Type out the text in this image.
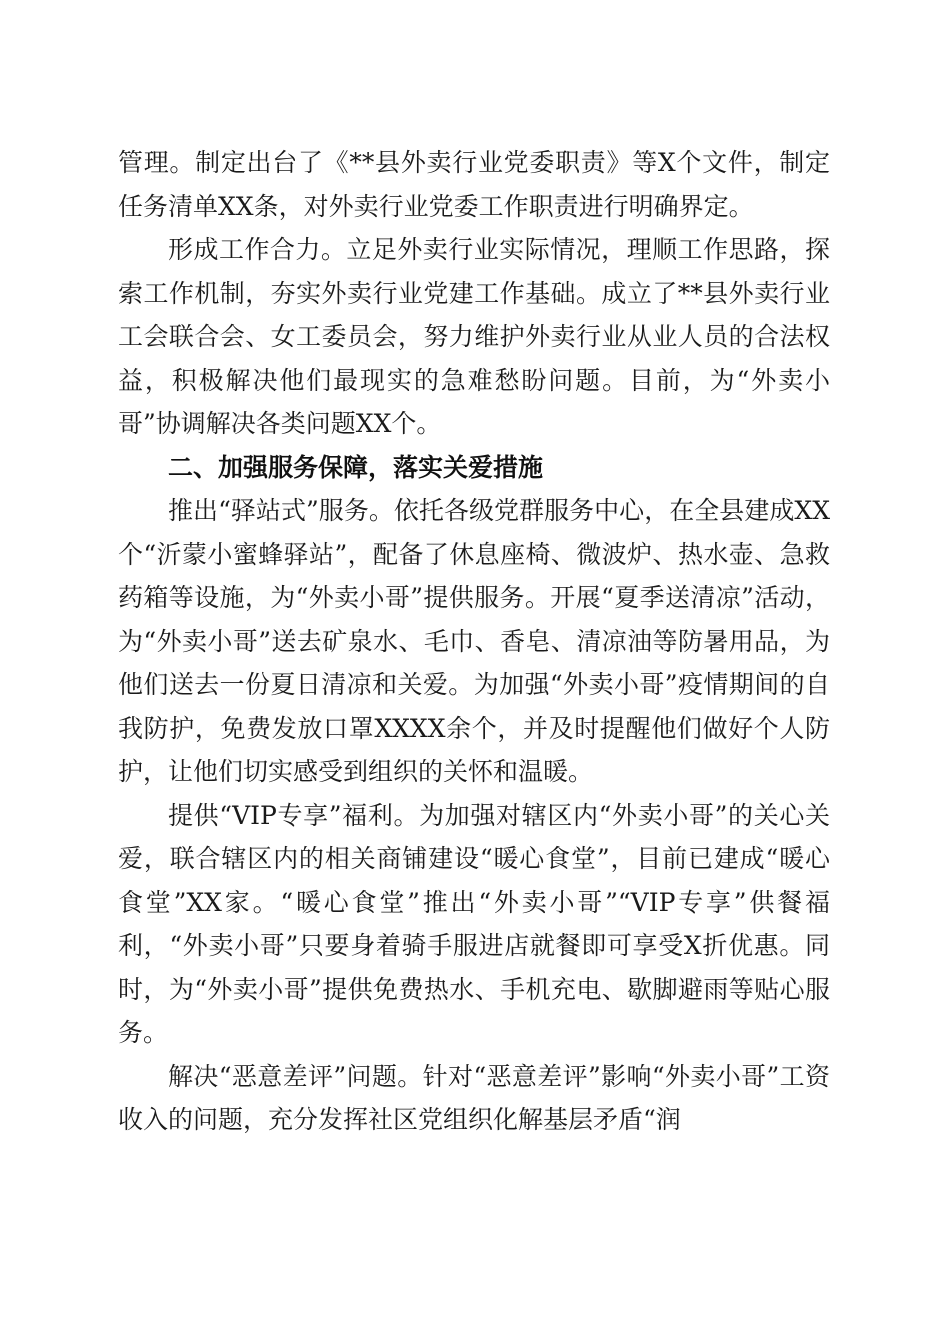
管理。制定出台了《**县外卖行业党委职责》等X个文件，制定任务清单XX条，对外卖行业党委工作职责进行明确界定。

形成工作合力。立足外卖行业实际情况，理顺工作思路，探索工作机制，夯实外卖行业党建工作基础。成立了**县外卖行业工会联合会、女工委员会，努力维护外卖行业从业人员的合法权益，积极解决他们最现实的急难愁盼问题。目前，为“外卖小哥”协调解决各类问题XX个。

二、加强服务保障，落实关爱措施

推出“驿站式”服务。依托各级党群服务中心，在全县建成XX个“沂蒙小蜜蜂驿站”，配备了休息座椅、微波炉、热水壶、急救药箱等设施，为“外卖小哥”提供服务。开展“夏季送清凉”活动，为“外卖小哥”送去矿泉水、毛巾、香皂、清凉油等防暑用品，为他们送去一份夏日清凉和关爱。为加强“外卖小哥”疫情期间的自我防护，免费发放口罩XXXX余个，并及时提醒他们做好个人防护，让他们切实感受到组织的关怀和温暖。

提供“VIP专享”福利。为加强对辖区内“外卖小哥”的关心关爱，联合辖区内的相关商铺建设“暖心食堂”，目前已建成“暖心食堂”XX家。“暖心食堂”推出“外卖小哥”“VIP专享”供餐福利，“外卖小哥”只要身着骑手服进店就餐即可享受X折优惠。同时，为“外卖小哥”提供免费热水、手机充电、歇脚避雨等贴心服务。

解决“恶意差评”问题。针对“恶意差评”影响“外卖小哥”工资收入的问题，充分发挥社区党组织化解基层矛盾“润
